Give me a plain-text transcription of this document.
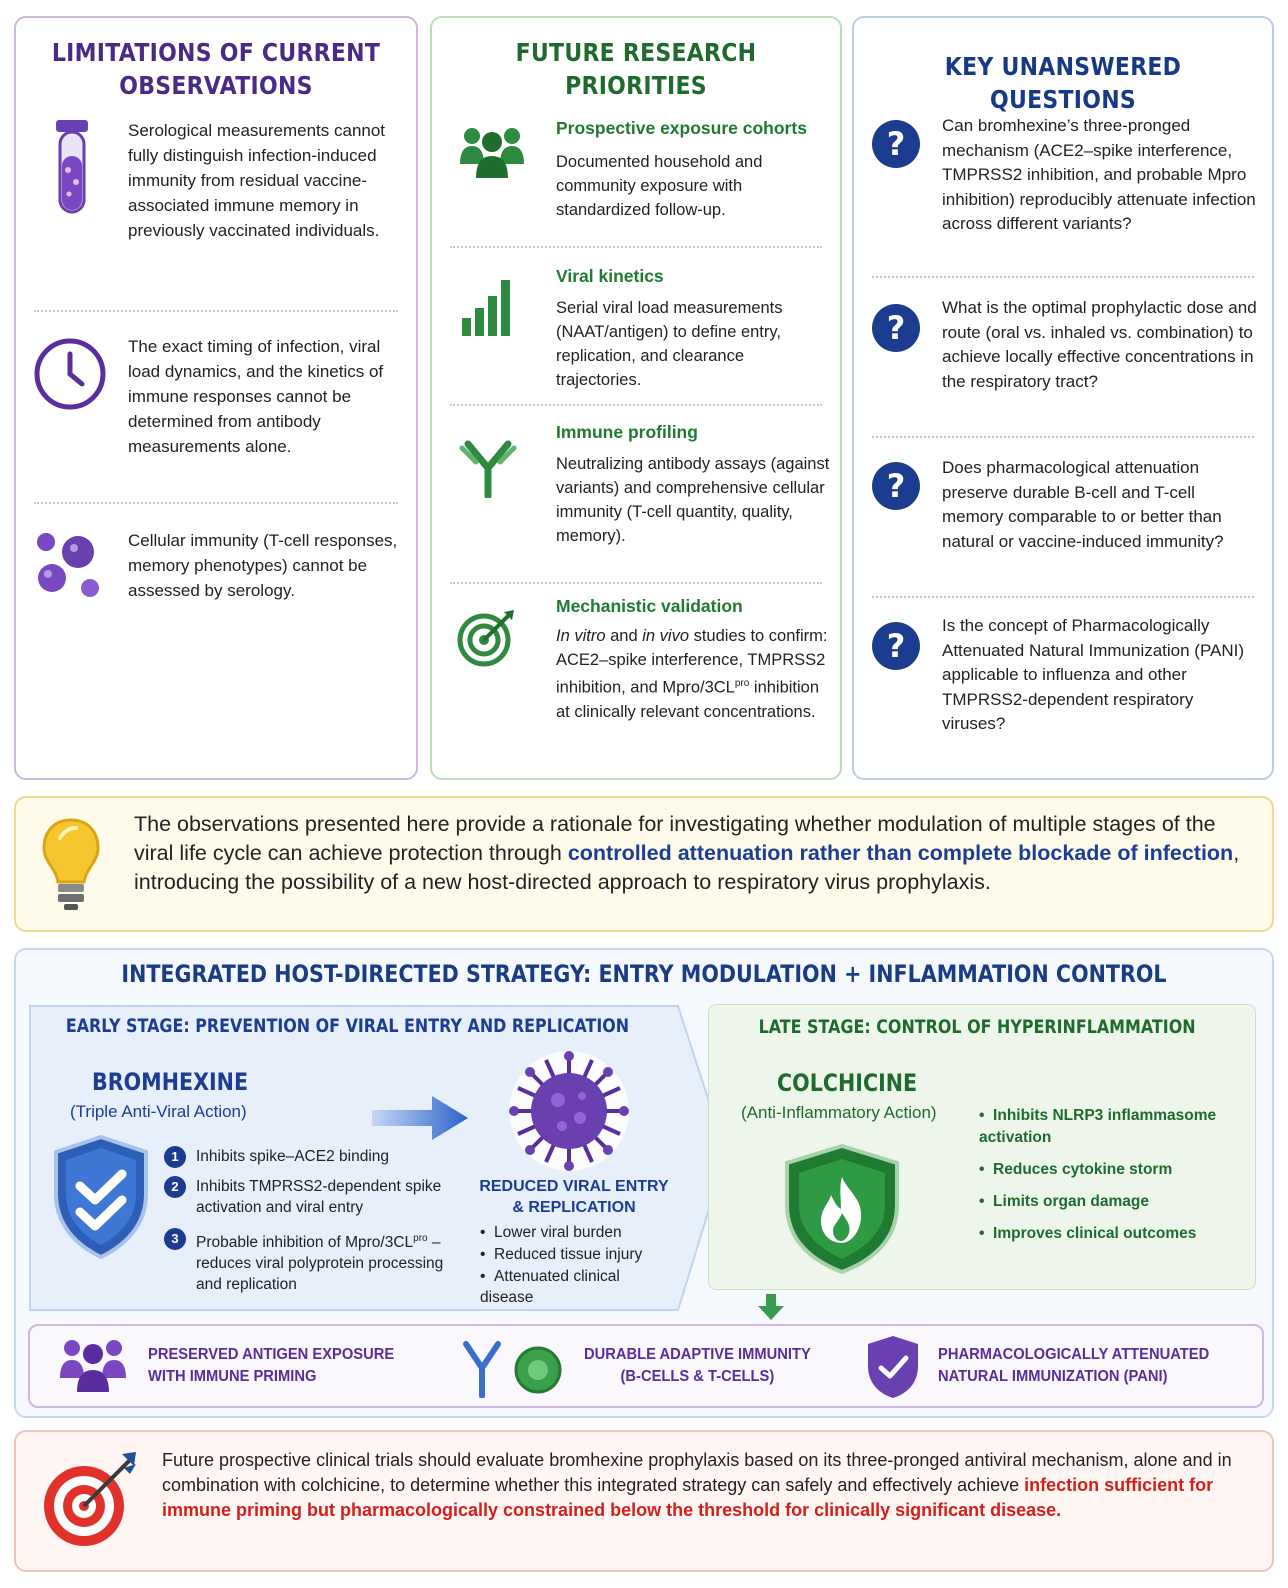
LIMITATIONS OF CURRENT
OBSERVATIONS
Serological measurements cannot fully distinguish infection-induced immunity from residual vaccine-associated immune memory in previously vaccinated individuals.
The exact timing of infection, viral load dynamics, and the kinetics of immune responses cannot be determined from antibody measurements alone.
Cellular immunity (T-cell responses, memory phenotypes) cannot be assessed by serology.
FUTURE RESEARCH
PRIORITIES
Prospective exposure cohorts
Documented household and community exposure with standardized follow-up.
Viral kinetics
Serial viral load measurements (NAAT/antigen) to define entry, replication, and clearance trajectories.
Immune profiling
Neutralizing antibody assays (against variants) and comprehensive cellular immunity (T-cell quantity, quality, memory).
Mechanistic validation
In vitro and in vivo studies to confirm: ACE2–spike interference, TMPRSS2 inhibition, and Mpro/$3CL^{pro}$ inhibition at clinically relevant concentrations.
KEY UNANSWERED QUESTIONS
?	Can bromhexine’s three-pronged mechanism (ACE2–spike interference, TMPRSS2 inhibition, and probable Mpro inhibition) reproducibly attenuate infection across different variants?
?
What is the optimal prophylactic dose and route (oral vs. inhaled vs. combination) to achieve locally effective concentrations in the respiratory tract?
?	Does pharmacological attenuation preserve durable B-cell and T-cell memory comparable to or better than natural or vaccine-induced immunity?
?
Is the concept of Pharmacologically Attenuated Natural Immunization (PANI) applicable to influenza and other TMPRSS2-dependent respiratory viruses?
The observations presented here provide a rationale for investigating whether modulation of multiple stages of the viral life cycle can achieve protection through controlled attenuation rather than complete blockade of infection, introducing the possibility of a new host-directed approach to respiratory virus prophylaxis.
INTEGRATED HOST-DIRECTED STRATEGY: ENTRY MODULATION + INFLAMMATION CONTROL
EARLY STAGE: PREVENTION OF VIRAL ENTRY AND REPLICATION
BROMHEXINE
(Triple Anti-Viral Action)
1	Inhibits spike–ACE2 binding
2	Inhibits TMPRSS2-dependent spike activation and viral entry
3	Probable inhibition of Mpro/$3CL^{pro}$ – reduces viral polyprotein processing and replication
REDUCED VIRAL ENTRY
& REPLICATION
•  Lower viral burden
•  Reduced tissue injury
•  Attenuated clinical disease
LATE STAGE: CONTROL OF HYPERINFLAMMATION
COLCHICINE
(Anti-Inflammatory Action)	•  Inhibits NLRP3 inflammasome activation
•  Reduces cytokine storm
•  Limits organ damage
•  Improves clinical outcomes
PRESERVED ANTIGEN EXPOSURE
WITH IMMUNE PRIMING
DURABLE ADAPTIVE IMMUNITY
(B-CELLS & T-CELLS)
PHARMACOLOGICALLY ATTENUATED
NATURAL IMMUNIZATION (PANI)
Future prospective clinical trials should evaluate bromhexine prophylaxis based on its three-pronged antiviral mechanism, alone and in combination with colchicine, to determine whether this integrated strategy can safely and effectively achieve infection sufficient for immune priming but pharmacologically constrained below the threshold for clinically significant disease.
